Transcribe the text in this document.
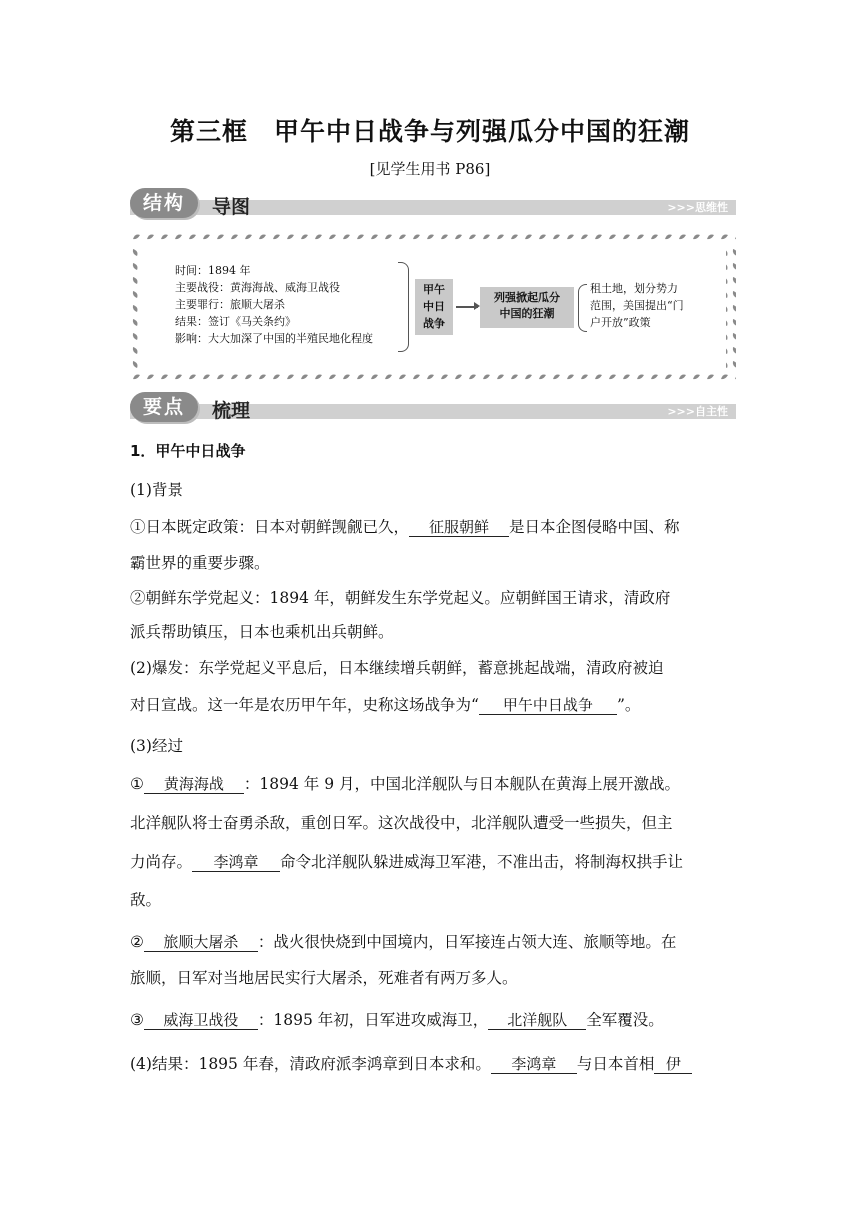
第三框　甲午中日战争与列强瓜分中国的狂潮
[见学生用书 P86]
>>>思维性
结构	导图
时间：1894 年
主要战役：黄海海战、威海卫战役
主要罪行：旅顺大屠杀
结果：签订《马关条约》
影响：大大加深了中国的半殖民地化程度
甲午
中日
战争
列强掀起瓜分
中国的狂潮
租土地，划分势力
范围，美国提出“门
户开放”政策
>>>自主性
要点	梳理
1．甲午中日战争
(1)背景
①日本既定政策：日本对朝鲜觊觎已久， 征服朝鲜 是日本企图侵略中国、称
霸世界的重要步骤。
②朝鲜东学党起义：1894 年，朝鲜发生东学党起义。应朝鲜国王请求，清政府
派兵帮助镇压，日本也乘机出兵朝鲜。
(2)爆发：东学党起义平息后，日本继续增兵朝鲜，蓄意挑起战端，清政府被迫
对日宣战。这一年是农历甲午年，史称这场战争为“ 甲午中日战争 ”。
(3)经过
① 黄海海战 ：1894 年 9 月，中国北洋舰队与日本舰队在黄海上展开激战。
北洋舰队将士奋勇杀敌，重创日军。这次战役中，北洋舰队遭受一些损失，但主
力尚存。 李鸿章 命令北洋舰队躲进威海卫军港，不准出击，将制海权拱手让
敌。
② 旅顺大屠杀 ：战火很快烧到中国境内，日军接连占领大连、旅顺等地。在
旅顺，日军对当地居民实行大屠杀，死难者有两万多人。
③ 威海卫战役 ：1895 年初，日军进攻威海卫， 北洋舰队 全军覆没。
(4)结果：1895 年春，清政府派李鸿章到日本求和。 李鸿章 与日本首相 伊
